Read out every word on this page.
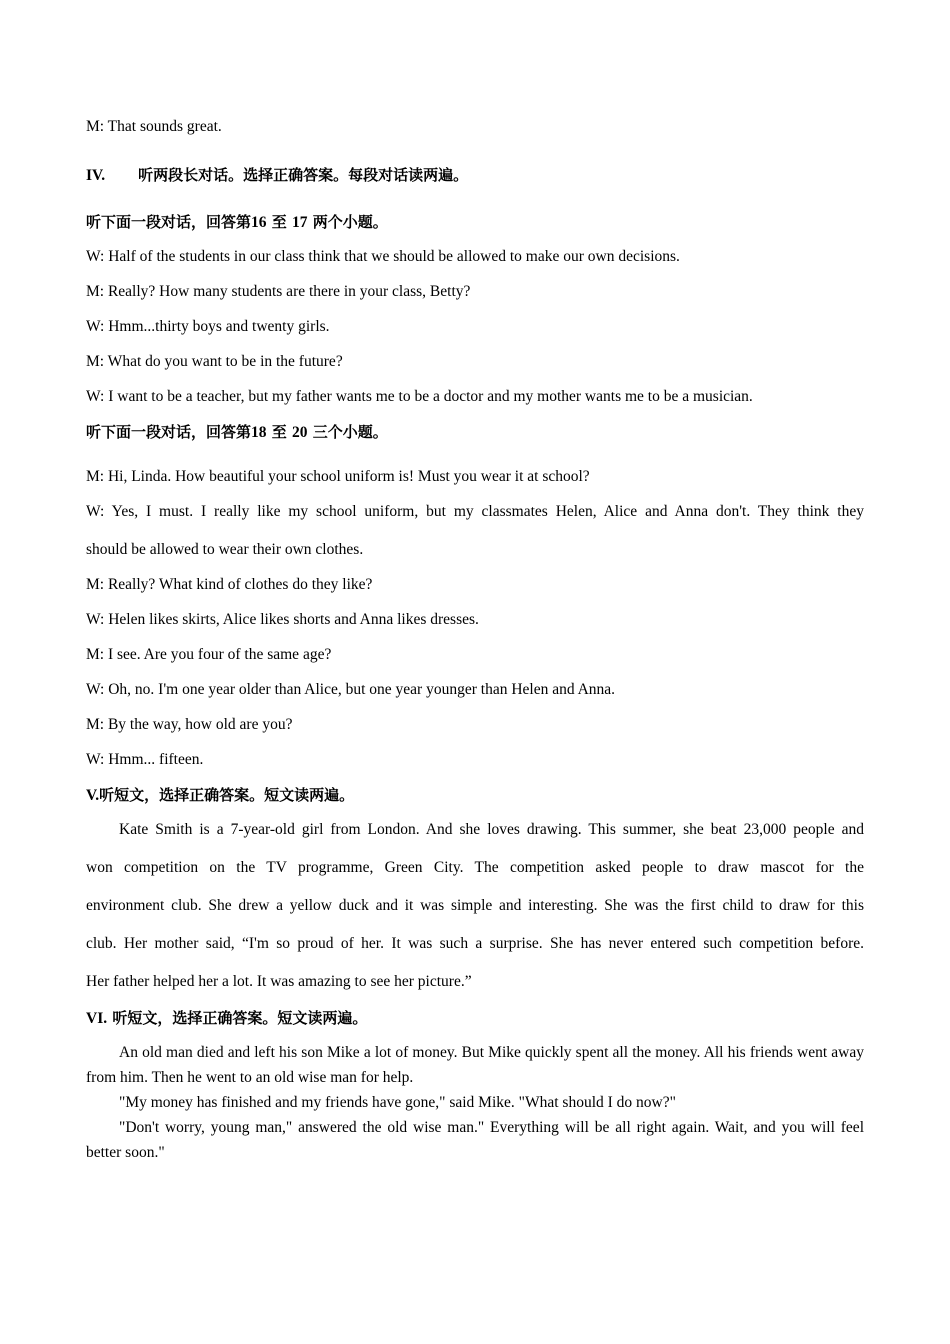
M: That sounds great.
IV. 听两段长对话。选择正确答案。每段对话读两遍。
听下面一段对话，回答第16 至 17 两个小题。
W: Half of the students in our class think that we should be allowed to make our own decisions.
M: Really? How many students are there in your class, Betty?
W: Hmm...thirty boys and twenty girls.
M: What do you want to be in the future?
W: I want to be a teacher, but my father wants me to be a doctor and my mother wants me to be a musician.
听下面一段对话，回答第18 至 20 三个小题。
M: Hi, Linda. How beautiful your school uniform is! Must you wear it at school?
W: Yes, I must. I really like my school uniform, but my classmates Helen, Alice and Anna don't. They think they
should be allowed to wear their own clothes.
M: Really? What kind of clothes do they like?
W: Helen likes skirts, Alice likes shorts and Anna likes dresses.
M: I see. Are you four of the same age?
W: Oh, no. I'm one year older than Alice, but one year younger than Helen and Anna.
M: By the way, how old are you?
W: Hmm... fifteen.
V.听短文，选择正确答案。短文读两遍。
Kate Smith is a 7-year-old girl from London. And she loves drawing. This summer, she beat 23,000 people and
won competition on the TV programme, Green City. The competition asked people to draw mascot for the
environment club. She drew a yellow duck and it was simple and interesting. She was the first child to draw for this
club. Her mother said, “I'm so proud of her. It was such a surprise. She has never entered such competition before.
Her father helped her a lot. It was amazing to see her picture.”
VI. 听短文，选择正确答案。短文读两遍。

An old man died and left his son Mike a lot of money. But Mike quickly spent all the money. All his friends went away from him. Then he went to an old wise man for help.

"My money has finished and my friends have gone," said Mike. "What should I do now?"

"Don't worry, young man," answered the old wise man." Everything will be all right again. Wait, and you will feel better soon."
